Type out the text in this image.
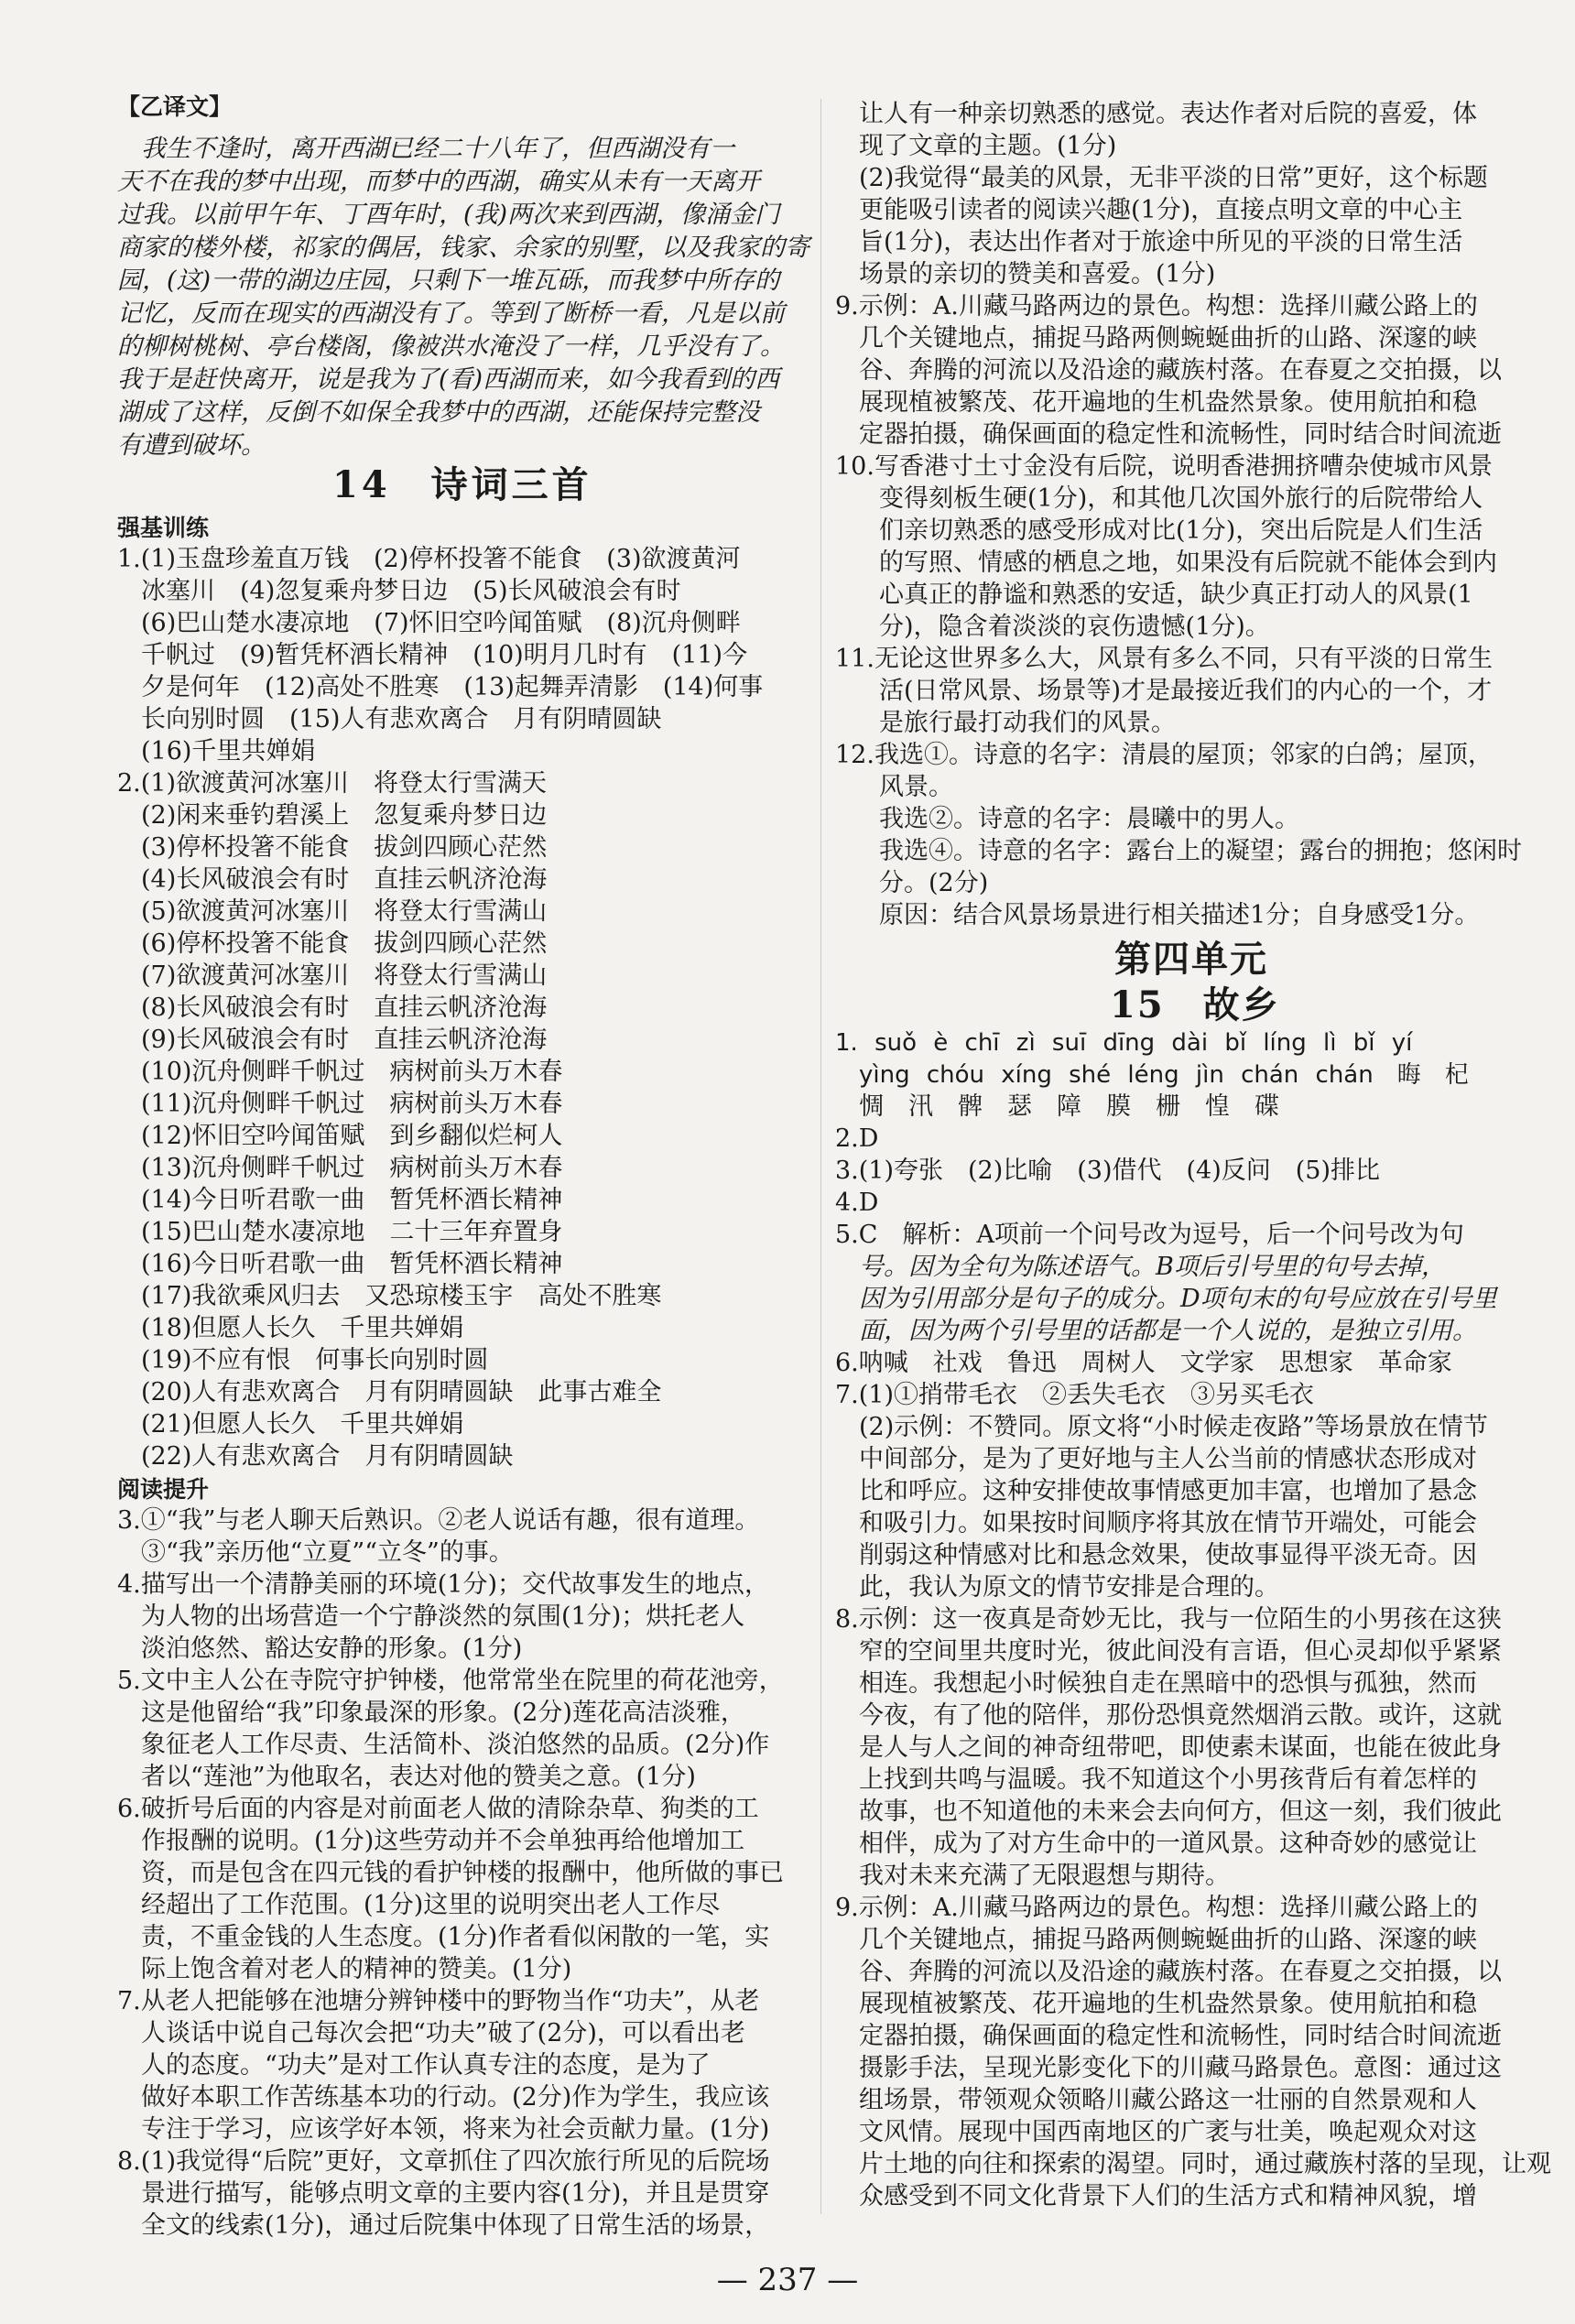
【乙译文】
我生不逢时，离开西湖已经二十八年了，但西湖没有一
天不在我的梦中出现，而梦中的西湖，确实从未有一天离开
过我。以前甲午年、丁酉年时，(我)两次来到西湖，像涌金门
商家的楼外楼，祁家的偶居，钱家、余家的别墅，以及我家的寄
园，(这)一带的湖边庄园，只剩下一堆瓦砾，而我梦中所存的
记忆，反而在现实的西湖没有了。等到了断桥一看，凡是以前
的柳树桃树、亭台楼阁，像被洪水淹没了一样，几乎没有了。
我于是赶快离开，说是我为了(看)西湖而来，如今我看到的西
湖成了这样，反倒不如保全我梦中的西湖，还能保持完整没
有遭到破坏。
14　诗词三首
强基训练
1.(1)玉盘珍羞直万钱　(2)停杯投箸不能食　(3)欲渡黄河
冰塞川　(4)忽复乘舟梦日边　(5)长风破浪会有时
(6)巴山楚水凄凉地　(7)怀旧空吟闻笛赋　(8)沉舟侧畔
千帆过　(9)暂凭杯酒长精神　(10)明月几时有　(11)今
夕是何年　(12)高处不胜寒　(13)起舞弄清影　(14)何事
长向别时圆　(15)人有悲欢离合　月有阴晴圆缺
(16)千里共婵娟
2.(1)欲渡黄河冰塞川　将登太行雪满天
(2)闲来垂钓碧溪上　忽复乘舟梦日边
(3)停杯投箸不能食　拔剑四顾心茫然
(4)长风破浪会有时　直挂云帆济沧海
(5)欲渡黄河冰塞川　将登太行雪满山
(6)停杯投箸不能食　拔剑四顾心茫然
(7)欲渡黄河冰塞川　将登太行雪满山
(8)长风破浪会有时　直挂云帆济沧海
(9)长风破浪会有时　直挂云帆济沧海
(10)沉舟侧畔千帆过　病树前头万木春
(11)沉舟侧畔千帆过　病树前头万木春
(12)怀旧空吟闻笛赋　到乡翻似烂柯人
(13)沉舟侧畔千帆过　病树前头万木春
(14)今日听君歌一曲　暂凭杯酒长精神
(15)巴山楚水凄凉地　二十三年弃置身
(16)今日听君歌一曲　暂凭杯酒长精神
(17)我欲乘风归去　又恐琼楼玉宇　高处不胜寒
(18)但愿人长久　千里共婵娟
(19)不应有恨　何事长向别时圆
(20)人有悲欢离合　月有阴晴圆缺　此事古难全
(21)但愿人长久　千里共婵娟
(22)人有悲欢离合　月有阴晴圆缺
阅读提升
3.①“我”与老人聊天后熟识。②老人说话有趣，很有道理。
③“我”亲历他“立夏”“立冬”的事。
4.描写出一个清静美丽的环境(1分)；交代故事发生的地点，
为人物的出场营造一个宁静淡然的氛围(1分)；烘托老人
淡泊悠然、豁达安静的形象。(1分)
5.文中主人公在寺院守护钟楼，他常常坐在院里的荷花池旁，
这是他留给“我”印象最深的形象。(2分)莲花高洁淡雅，
象征老人工作尽责、生活简朴、淡泊悠然的品质。(2分)作
者以“莲池”为他取名，表达对他的赞美之意。(1分)
6.破折号后面的内容是对前面老人做的清除杂草、狗类的工
作报酬的说明。(1分)这些劳动并不会单独再给他增加工
资，而是包含在四元钱的看护钟楼的报酬中，他所做的事已
经超出了工作范围。(1分)这里的说明突出老人工作尽
责，不重金钱的人生态度。(1分)作者看似闲散的一笔，实
际上饱含着对老人的精神的赞美。(1分)
7.从老人把能够在池塘分辨钟楼中的野物当作“功夫”，从老
人谈话中说自己每次会把“功夫”破了(2分)，可以看出老
人的态度。“功夫”是对工作认真专注的态度，是为了
做好本职工作苦练基本功的行动。(2分)作为学生，我应该
专注于学习，应该学好本领，将来为社会贡献力量。(1分)
8.(1)我觉得“后院”更好，文章抓住了四次旅行所见的后院场
景进行描写，能够点明文章的主要内容(1分)，并且是贯穿
全文的线索(1分)，通过后院集中体现了日常生活的场景，
让人有一种亲切熟悉的感觉。表达作者对后院的喜爱，体
现了文章的主题。(1分)
(2)我觉得“最美的风景，无非平淡的日常”更好，这个标题
更能吸引读者的阅读兴趣(1分)，直接点明文章的中心主
旨(1分)，表达出作者对于旅途中所见的平淡的日常生活
场景的亲切的赞美和喜爱。(1分)
9.示例：A.川藏马路两边的景色。构想：选择川藏公路上的
几个关键地点，捕捉马路两侧蜿蜒曲折的山路、深邃的峡
谷、奔腾的河流以及沿途的藏族村落。在春夏之交拍摄，以
展现植被繁茂、花开遍地的生机盎然景象。使用航拍和稳
定器拍摄，确保画面的稳定性和流畅性，同时结合时间流逝
10.写香港寸土寸金没有后院，说明香港拥挤嘈杂使城市风景
变得刻板生硬(1分)，和其他几次国外旅行的后院带给人
们亲切熟悉的感受形成对比(1分)，突出后院是人们生活
的写照、情感的栖息之地，如果没有后院就不能体会到内
心真正的静谧和熟悉的安适，缺少真正打动人的风景(1
分)，隐含着淡淡的哀伤遗憾(1分)。
11.无论这世界多么大，风景有多么不同，只有平淡的日常生
活(日常风景、场景等)才是最接近我们的内心的一个，才
是旅行最打动我们的风景。
12.我选①。诗意的名字：清晨的屋顶；邻家的白鸽；屋顶，
风景。
我选②。诗意的名字：晨曦中的男人。
我选④。诗意的名字：露台上的凝望；露台的拥抱；悠闲时
分。(2分)
原因：结合风景场景进行相关描述1分；自身感受1分。
第四单元
15　故乡
1. suǒ è chī zì suī dīng dài bǐ líng lì bǐ yí
yìng chóu xíng shé léng jìn chán chán　晦　杞
惆　汛　髀　瑟　障　膜　栅　惶　碟
2.D
3.(1)夸张　(2)比喻　(3)借代　(4)反问　(5)排比
4.D
5.C　解析：A项前一个问号改为逗号，后一个问号改为句
号。因为全句为陈述语气。B项后引号里的句号去掉，
因为引用部分是句子的成分。D项句末的句号应放在引号里
面，因为两个引号里的话都是一个人说的，是独立引用。
6.呐喊　社戏　鲁迅　周树人　文学家　思想家　革命家
7.(1)①捎带毛衣　②丢失毛衣　③另买毛衣
(2)示例：不赞同。原文将“小时候走夜路”等场景放在情节
中间部分，是为了更好地与主人公当前的情感状态形成对
比和呼应。这种安排使故事情感更加丰富，也增加了悬念
和吸引力。如果按时间顺序将其放在情节开端处，可能会
削弱这种情感对比和悬念效果，使故事显得平淡无奇。因
此，我认为原文的情节安排是合理的。
8.示例：这一夜真是奇妙无比，我与一位陌生的小男孩在这狭
窄的空间里共度时光，彼此间没有言语，但心灵却似乎紧紧
相连。我想起小时候独自走在黑暗中的恐惧与孤独，然而
今夜，有了他的陪伴，那份恐惧竟然烟消云散。或许，这就
是人与人之间的神奇纽带吧，即使素未谋面，也能在彼此身
上找到共鸣与温暖。我不知道这个小男孩背后有着怎样的
故事，也不知道他的未来会去向何方，但这一刻，我们彼此
相伴，成为了对方生命中的一道风景。这种奇妙的感觉让
我对未来充满了无限遐想与期待。
9.示例：A.川藏马路两边的景色。构想：选择川藏公路上的
几个关键地点，捕捉马路两侧蜿蜒曲折的山路、深邃的峡
谷、奔腾的河流以及沿途的藏族村落。在春夏之交拍摄，以
展现植被繁茂、花开遍地的生机盎然景象。使用航拍和稳
定器拍摄，确保画面的稳定性和流畅性，同时结合时间流逝
摄影手法，呈现光影变化下的川藏马路景色。意图：通过这
组场景，带领观众领略川藏公路这一壮丽的自然景观和人
文风情。展现中国西南地区的广袤与壮美，唤起观众对这
片土地的向往和探索的渴望。同时，通过藏族村落的呈现，让观
众感受到不同文化背景下人们的生活方式和精神风貌，增
— 237 —
